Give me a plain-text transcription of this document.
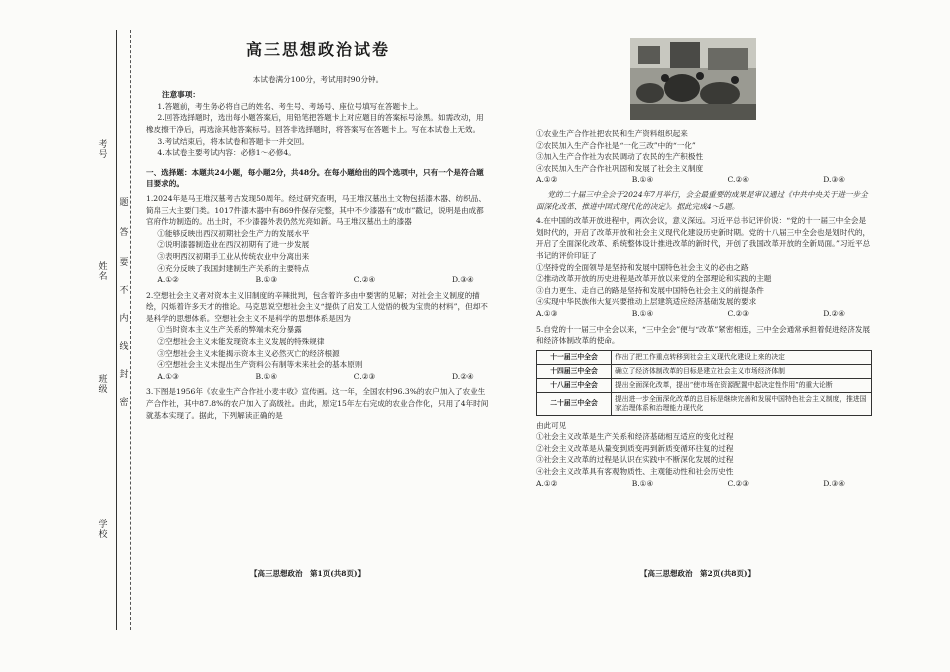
考号
姓名
班级
学校
题
答
要
不
内
线
封
密
高三思想政治试卷

本试卷满分100分，考试用时90分钟。

注意事项：

1.答题前，考生务必将自己的姓名、考生号、考场号、座位号填写在答题卡上。

2.回答选择题时，选出每小题答案后，用铅笔把答题卡上对应题目的答案标号涂黑。如需改动，用橡皮擦干净后，再选涂其他答案标号。回答非选择题时，将答案写在答题卡上。写在本试卷上无效。

3.考试结束后，将本试卷和答题卡一并交回。

4.本试卷主要考试内容：必修1～必修4。

一、选择题：本题共24小题，每小题2分，共48分。在每小题给出的四个选项中，只有一个是符合题目要求的。

1.2024年是马王堆汉墓考古发现50周年。经过研究查明，马王堆汉墓出土文物包括漆木器、纺织品、简帛三大主要门类。1017件漆木器中有869件保存完整，其中不少漆器有“成市”戳记，说明是由成都官府作坊制造的。出土时，不少漆器外表仍然光亮如新。马王堆汉墓出土的漆器

①能够反映出西汉初期社会生产力的发展水平

②说明漆器制造业在西汉初期有了进一步发展

③表明西汉初期手工业从传统农业中分离出来

④充分反映了我国封建制生产关系的主要特点

A.①②	B.①③	C.②④	D.③④

2.空想社会主义者对资本主义旧制度的辛辣批判，包含着许多由中要害的见解；对社会主义制度的描绘，闪烁着许多天才的推论。马克思说空想社会主义“提供了启发工人觉悟的极为宝贵的材料”，但却不是科学的思想体系。空想社会主义不是科学的思想体系是因为

①当时资本主义生产关系的弊端未充分暴露

②空想社会主义未能发现资本主义发展的特殊规律

③空想社会主义未能揭示资本主义必然灭亡的经济根源

④空想社会主义未提出生产资料公有制等未来社会的基本原则

A.①③	B.①④	C.②③	D.②④

3.下图是1956年《农业生产合作社小麦丰收》宣传画。这一年，全国农村96.3%的农户加入了农业生产合作社，其中87.8%的农户加入了高级社。由此，原定15年左右完成的农业合作化，只用了4年时间就基本实现了。据此，下列解读正确的是

【高三思想政治　第1页(共8页)】

①农业生产合作社把农民和生产资料组织起来

②农民加入生产合作社是“一化三改”中的“一化”

③加入生产合作社为农民调动了农民的生产积极性

④农民加入生产合作社巩固和发展了社会主义制度

A.①②	B.①④	C.②④	D.③④

党的二十届三中全会于2024年7月举行，会全最重要的成果是审议通过《中共中央关于进一步全面深化改革、推进中国式现代化的决定》。据此完成4～5题。

4.在中国的改革开放进程中，两次会议，意义深远。习近平总书记评价说：“党的十一届三中全会是划时代的，开启了改革开放和社会主义现代化建设历史新时期。党的十八届三中全会也是划时代的，开启了全面深化改革、系统整体设计推进改革的新时代，开创了我国改革开放的全新局面。”习近平总书记的评价印证了

①坚持党的全面领导是坚持和发展中国特色社会主义的必由之路

②推动改革开放的历史进程是改革开放以来党的全部理论和实践的主题

③自力更生、走自己的路是坚持和发展中国特色社会主义的前提条件

④实现中华民族伟大复兴要推动上层建筑适应经济基础发展的要求

A.①③	B.①④	C.②③	D.②④

5.自党的十一届三中全会以来，“三中全会”便与“改革”紧密相连，三中全会通常承担着促进经济发展和经济体制改革的使命。

十一届三中全会	作出了把工作重点转移到社会主义现代化建设上来的决定
十四届三中全会	确立了经济体制改革的目标是建立社会主义市场经济体制
十八届三中全会	提出全面深化改革，提出“使市场在资源配置中起决定性作用”的重大论断
二十届三中全会	提出进一步全面深化改革的总目标是继续完善和发展中国特色社会主义制度，推进国家治理体系和治理能力现代化

由此可见

①社会主义改革是生产关系和经济基础相互适应的变化过程

②社会主义改革是从量变到质变再到新质变循环往复的过程

③社会主义改革的过程是认识在实践中不断深化发展的过程

④社会主义改革具有客观物质性、主观能动性和社会历史性

A.①②	B.①④	C.②③	D.③④
【高三思想政治　第2页(共8页)】
